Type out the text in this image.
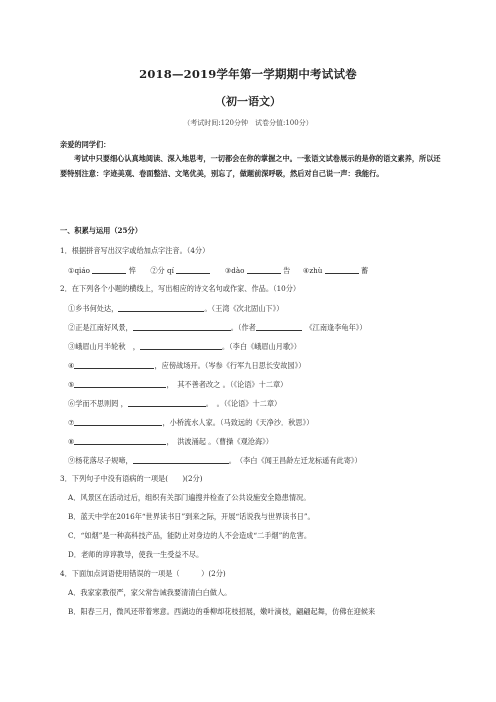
2018—2019学年第一学期期中考试试卷
（初一语文）
（考试时间:120分钟　试卷分值:100分）
亲爱的同学们：
考试中只要细心认真地阅读、深入地思考，一切都会在你的掌握之中。一张语文试卷展示的是你的语文素养，所以还要特别注意：字迹美观、卷面整洁、文笔优美，别忘了，做题前深呼吸，然后对自己说一声：我能行。
一、积累与运用（25分）
1．根据拼音写出汉字或给加点字注音。（4分）
①qiáo	悴 ②分 qí	③dào	告 ④zhù	蓄
2．在下列各个小题的横线上，写出相应的诗文名句或作家、作品。（10分）
①乡书何处达，	。（王湾《次北固山下》）
②正是江南好风景，	。（作者　	《江南逢李龟年》）
③峨眉山月半轮秋　，	。（李白《峨眉山月歌》）
④	，应傍战场开。（岑参《行军九日思长安故园》）
⑤	，　其不善者改之 。（《论语》十二章）
⑥学而不思则罔 ，	。　。（《论语》十二章）
⑦	，小桥流水人家。（马致远的《天净沙．秋思》）
⑧	，　洪波涌起 。（曹操《观沧海》）
⑨杨花落尽子规啼，	。　（李白《闻王昌龄左迁龙标遥有此寄》）
3．下列句子中没有语病的一项是(　　)(2分)
A．风景区在活动过后，组织有关部门遍搜并检查了公共设施安全隐患情况。
B．蓝天中学在2016年“世界读书日”到来之际，开展“话说我与世界读书日”。
C．“如烟”是一种高科技产品，能防止对身边的人不会造成“二手烟”的危害。
D．老师的谆谆教导，使我一生受益不尽。
4．下面加点词语使用错误的一项是（　　　）(2分)
A．我家家教很严，家父常告诫我要清清白白做人。
B．阳春三月，微风还带着寒意。西湖边的垂柳却花枝招展，嫩叶滴枝，翩翩起舞，仿佛在迎候来
